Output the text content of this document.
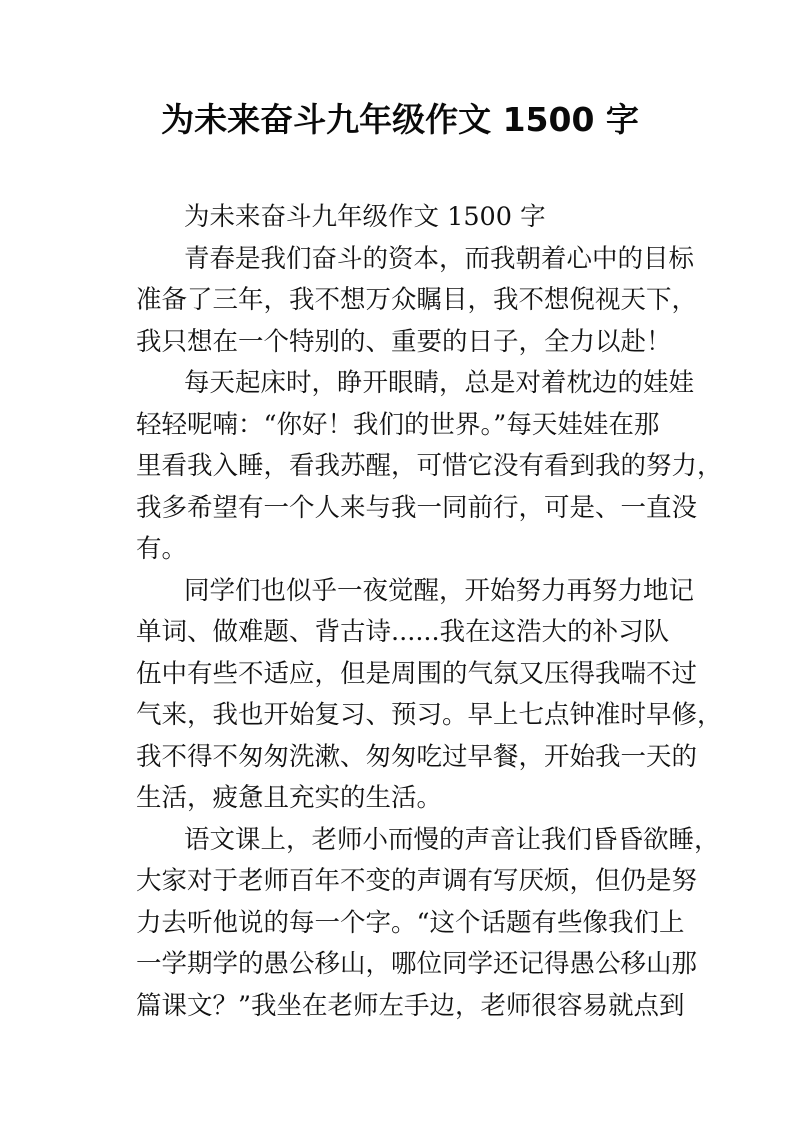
为未来奋斗九年级作文 1500 字
为未来奋斗九年级作文 1500 字
青春是我们奋斗的资本，而我朝着心中的目标
准备了三年，我不想万众瞩目，我不想倪视天下，
我只想在一个特别的、重要的日子，全力以赴！
每天起床时，睁开眼睛，总是对着枕边的娃娃
轻轻呢喃：“你好！我们的世界。”每天娃娃在那
里看我入睡，看我苏醒，可惜它没有看到我的努力，
我多希望有一个人来与我一同前行，可是、一直没
有。
同学们也似乎一夜觉醒，开始努力再努力地记
单词、做难题、背古诗......我在这浩大的补习队
伍中有些不适应，但是周围的气氛又压得我喘不过
气来，我也开始复习、预习。早上七点钟准时早修，
我不得不匆匆洗漱、匆匆吃过早餐，开始我一天的
生活，疲惫且充实的生活。
语文课上，老师小而慢的声音让我们昏昏欲睡，
大家对于老师百年不变的声调有写厌烦，但仍是努
力去听他说的每一个字。“这个话题有些像我们上
一学期学的愚公移山，哪位同学还记得愚公移山那
篇课文？”我坐在老师左手边，老师很容易就点到
